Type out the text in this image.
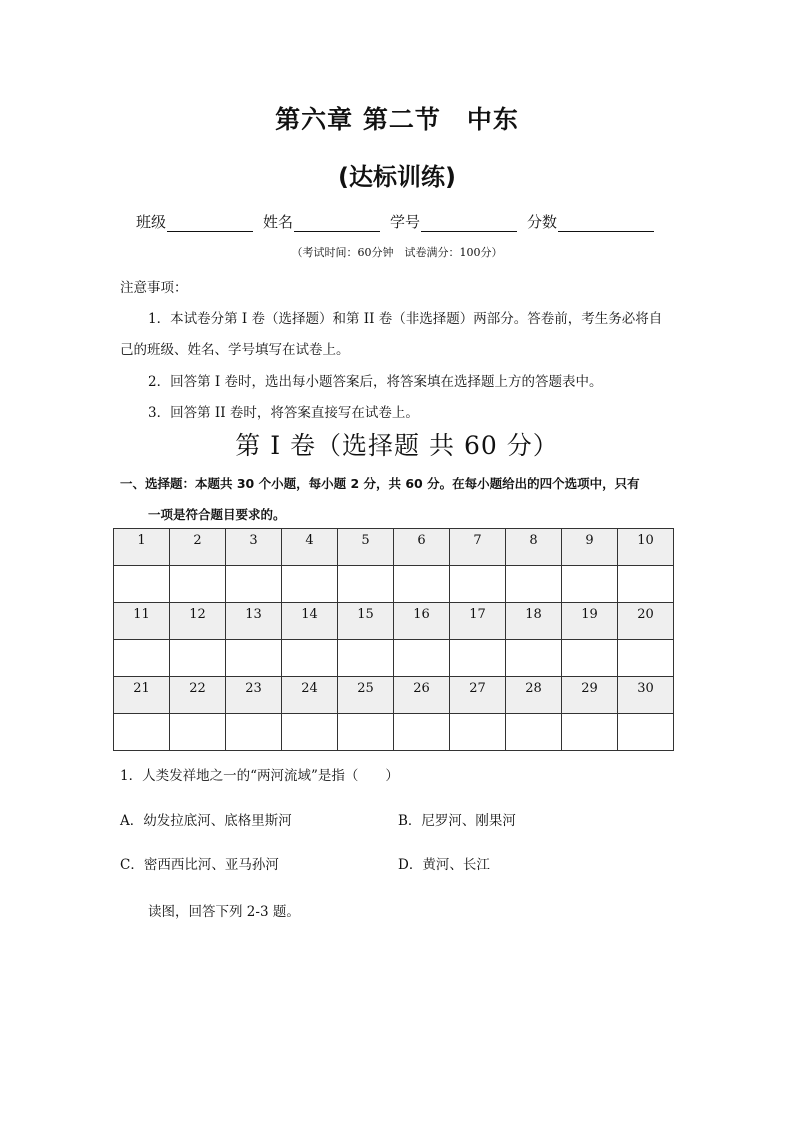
第六章 第二节　中东
(达标训练)
班级	姓名	学号	分数
（考试时间：60分钟　试卷满分：100分）
注意事项：
1．本试卷分第 I 卷（选择题）和第 II 卷（非选择题）两部分。答卷前，考生务必将自
己的班级、姓名、学号填写在试卷上。
2．回答第 I 卷时，选出每小题答案后，将答案填在选择题上方的答题表中。
3．回答第 II 卷时，将答案直接写在试卷上。
第 I 卷（选择题 共 60 分）
一、选择题：本题共 30 个小题，每小题 2 分，共 60 分。在每小题给出的四个选项中，只有
一项是符合题目要求的。
1	2	3	4	5	6	7	8	9	10

11	12	13	14	15	16	17	18	19	20

21	22	23	24	25	26	27	28	29	30

1．人类发祥地之一的“两河流域”是指（　　）
A．幼发拉底河、底格里斯河	B．尼罗河、刚果河
C．密西西比河、亚马孙河	D．黄河、长江
读图，回答下列 2-3 题。
